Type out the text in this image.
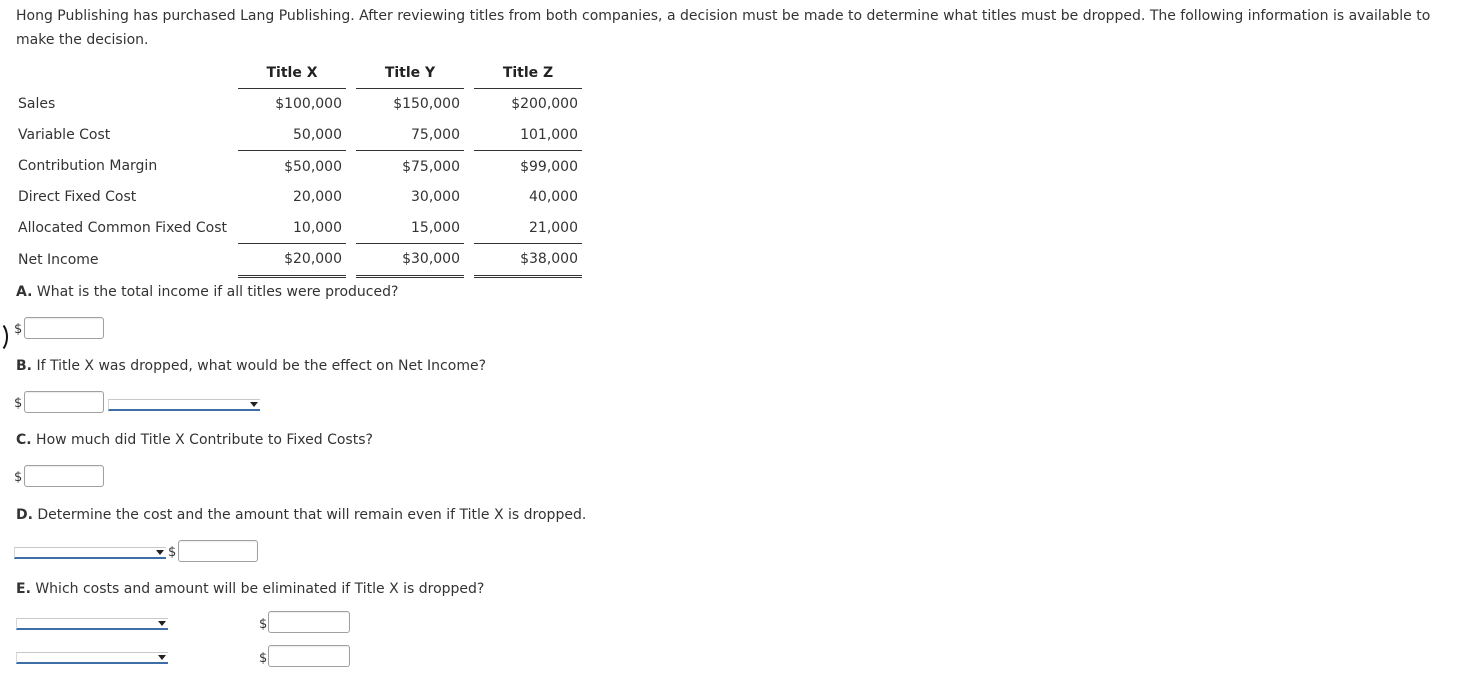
Hong Publishing has purchased Lang Publishing. After reviewing titles from both companies, a decision must be made to determine what titles must be dropped. The following information is available to make the decision.
	Title X		Title Y		Title Z
Sales	$100,000		$150,000		$200,000
Variable Cost	50,000		75,000		101,000
Contribution Margin	$50,000		$75,000		$99,000
Direct Fixed Cost	20,000		30,000		40,000
Allocated Common Fixed Cost	10,000		15,000		21,000
Net Income	$20,000		$30,000		$38,000
A. What is the total income if all titles were produced?
$
B. If Title X was dropped, what would be the effect on Net Income?
$
C. How much did Title X Contribute to Fixed Costs?
$
D. Determine the cost and the amount that will remain even if Title X is dropped.
$
E. Which costs and amount will be eliminated if Title X is dropped?
$
$
